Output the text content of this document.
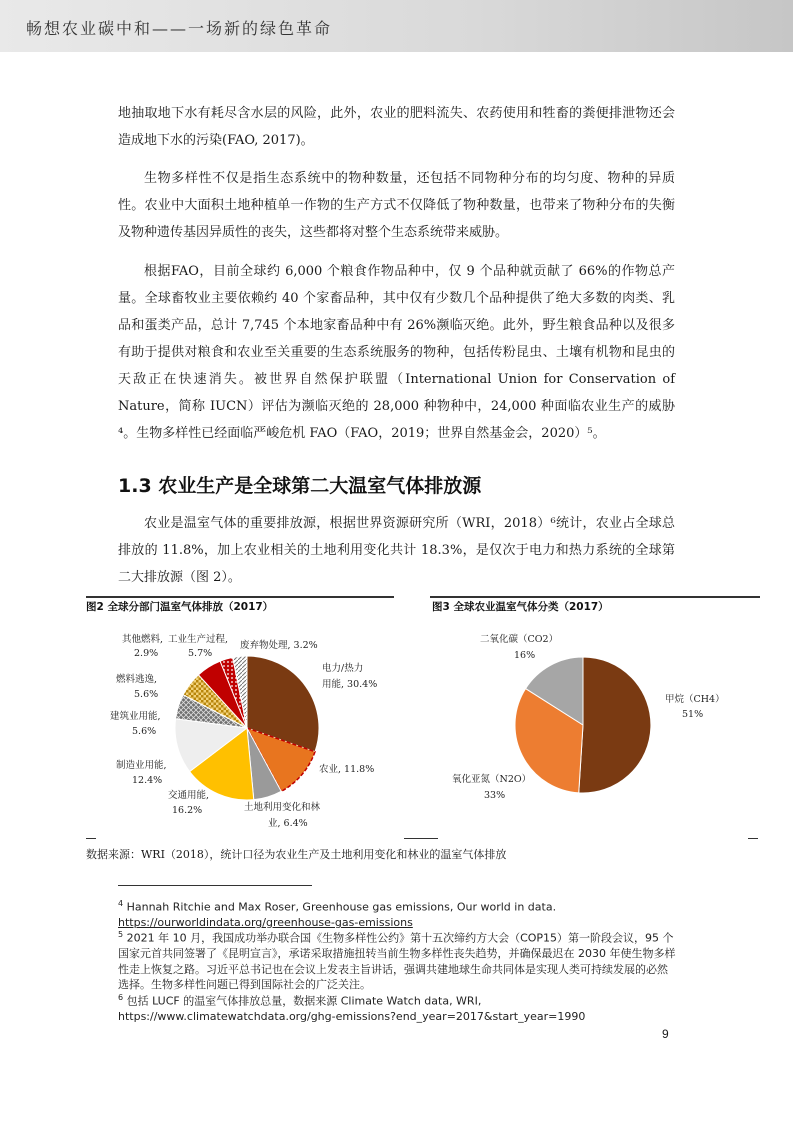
畅想农业碳中和——一场新的绿色革命

地抽取地下水有耗尽含水层的风险，此外，农业的肥料流失、农药使用和牲畜的粪便排泄物还会造成地下水的污染(FAO, 2017)。

生物多样性不仅是指生态系统中的物种数量，还包括不同物种分布的均匀度、物种的异质性。农业中大面积土地种植单一作物的生产方式不仅降低了物种数量，也带来了物种分布的失衡及物种遗传基因异质性的丧失，这些都将对整个生态系统带来威胁。

根据FAO，目前全球约 6,000 个粮食作物品种中，仅 9 个品种就贡献了 66%的作物总产量。全球畜牧业主要依赖约 40 个家畜品种，其中仅有少数几个品种提供了绝大多数的肉类、乳品和蛋类产品，总计 7,745 个本地家畜品种中有 26%濒临灭绝。此外，野生粮食品种以及很多有助于提供对粮食和农业至关重要的生态系统服务的物种，包括传粉昆虫、土壤有机物和昆虫的天敌正在快速消失。被世界自然保护联盟（International Union for Conservation of Nature，简称 IUCN）评估为濒临灭绝的 28,000 种物种中，24,000 种面临农业生产的威胁⁴。生物多样性已经面临严峻危机 FAO（FAO，2019；世界自然基金会，2020）⁵。

1.3 农业生产是全球第二大温室气体排放源

农业是温室气体的重要排放源，根据世界资源研究所（WRI，2018）⁶统计，农业占全球总排放的 11.8%，加上农业相关的土地利用变化共计 18.3%，是仅次于电力和热力系统的全球第二大排放源（图 2）。

图2 全球分部门温室气体排放（2017）
其他燃料,
2.9%
工业生产过程,
5.7%
废弃物处理, 3.2%
电力/热力
用能, 30.4%
燃料逃逸,
5.6%
建筑业用能,
5.6%
制造业用能,
12.4%
农业, 11.8%
交通用能,
16.2%	土地利用变化和林
业, 6.4%
图3 全球农业温室气体分类（2017）
二氧化碳（CO2）
16%
甲烷（CH4）
51%
氧化亚氮（N2O）
33%
数据来源：WRI（2018），统计口径为农业生产及土地利用变化和林业的温室气体排放
$^4$ Hannah Ritchie and Max Roser, Greenhouse gas emissions, Our world in data.
https://ourworldindata.org/greenhouse-gas-emissions
$^5$ 2021 年 10 月，我国成功举办联合国《生物多样性公约》第十五次缔约方大会（COP15）第一阶段会议，95 个国家元首共同签署了《昆明宣言》，承诺采取措施扭转当前生物多样性丧失趋势，并确保最迟在 2030 年使生物多样性走上恢复之路。习近平总书记也在会议上发表主旨讲话，强调共建地球生命共同体是实现人类可持续发展的必然选择。生物多样性问题已得到国际社会的广泛关注。
$^6$ 包括 LUCF 的温室气体排放总量，数据来源 Climate Watch data, WRI,
https://www.climatewatchdata.org/ghg-emissions?end_year=2017&start_year=1990
9
